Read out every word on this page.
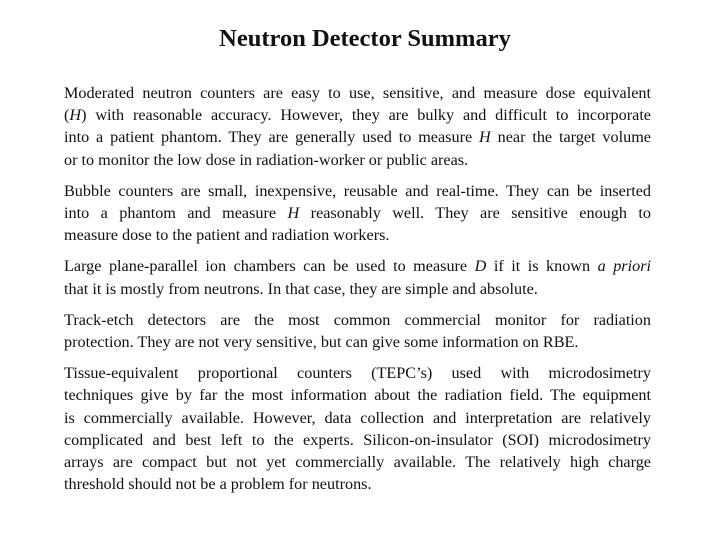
Neutron Detector Summary
Moderated neutron counters are easy to use, sensitive, and measure dose equivalent
(H) with reasonable accuracy. However, they are bulky and difficult to incorporate
into a patient phantom. They are generally used to measure H near the target volume
or to monitor the low dose in radiation-worker or public areas.
Bubble counters are small, inexpensive, reusable and real-time. They can be inserted
into a phantom and measure H reasonably well. They are sensitive enough to
measure dose to the patient and radiation workers.
Large plane-parallel ion chambers can be used to measure D if it is known a priori
that it is mostly from neutrons. In that case, they are simple and absolute.
Track-etch detectors are the most common commercial monitor for radiation
protection. They are not very sensitive, but can give some information on RBE.
Tissue-equivalent proportional counters (TEPC’s) used with microdosimetry
techniques give by far the most information about the radiation field. The equipment
is commercially available. However, data collection and interpretation are relatively
complicated and best left to the experts. Silicon-on-insulator (SOI) microdosimetry
arrays are compact but not yet commercially available. The relatively high charge
threshold should not be a problem for neutrons.
